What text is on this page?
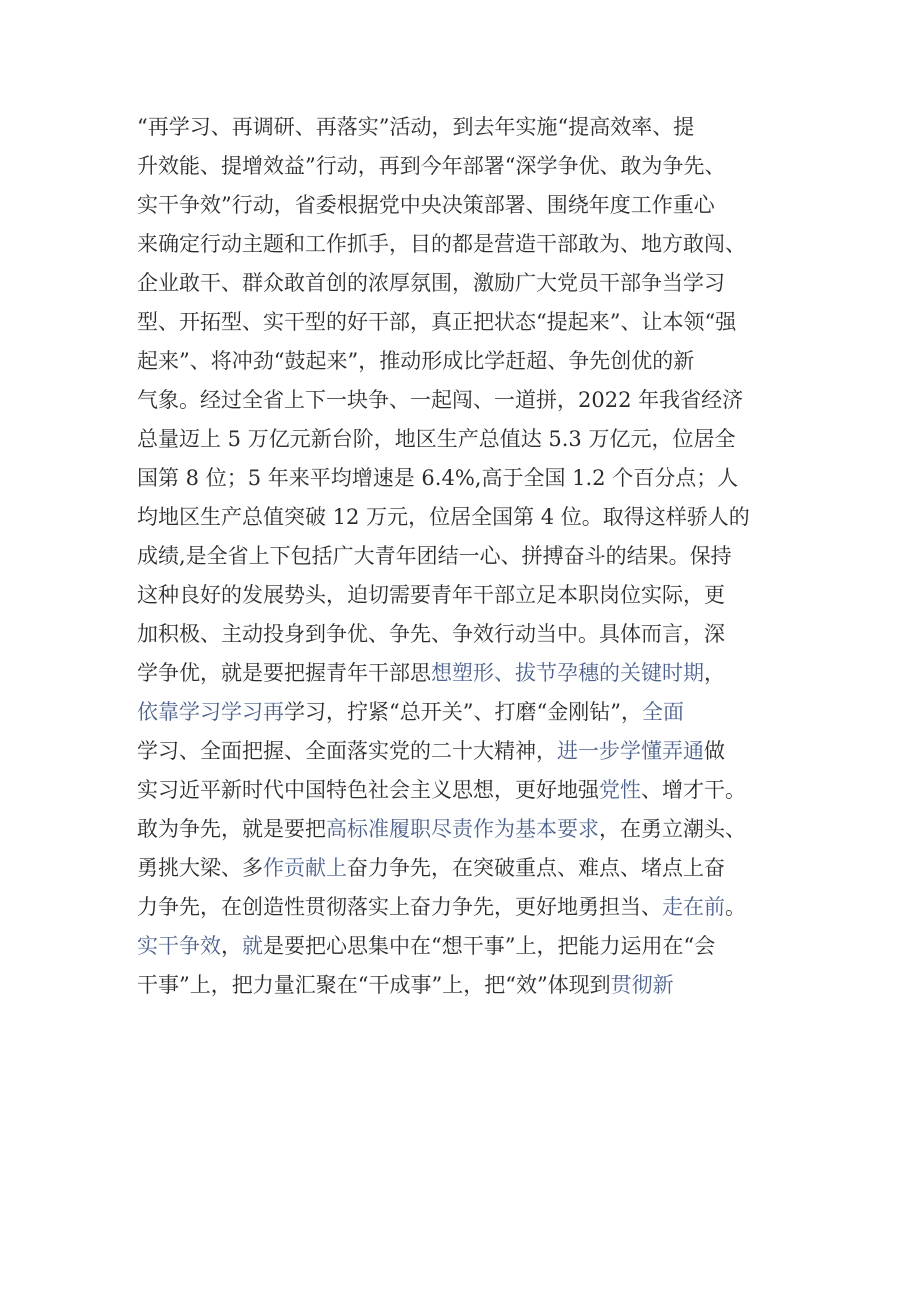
“再学习、再调研、再落实”活动，到去年实施“提高效率、提
升效能、提增效益”行动，再到今年部署“深学争优、敢为争先、
实干争效”行动，省委根据党中央决策部署、围绕年度工作重心
来确定行动主题和工作抓手，目的都是营造干部敢为、地方敢闯、
企业敢干、群众敢首创的浓厚氛围，激励广大党员干部争当学习
型、开拓型、实干型的好干部，真正把状态“提起来”、让本领“强
起来”、将冲劲“鼓起来”，推动形成比学赶超、争先创优的新
气象。经过全省上下一块争、一起闯、一道拼，2022 年我省经济
总量迈上 5 万亿元新台阶，地区生产总值达 5.3 万亿元，位居全
国第 8 位；5 年来平均增速是 6.4%,高于全国 1.2 个百分点；人
均地区生产总值突破 12 万元，位居全国第 4 位。取得这样骄人的
成绩,是全省上下包括广大青年团结一心、拼搏奋斗的结果。保持
这种良好的发展势头，迫切需要青年干部立足本职岗位实际，更
加积极、主动投身到争优、争先、争效行动当中。具体而言，深
学争优，就是要把握青年干部思想塑形、拔节孕穗的关键时期，
依靠学习学习再学习，拧紧“总开关”、打磨“金刚钻”，全面
学习、全面把握、全面落实党的二十大精神，进一步学懂弄通做
实习近平新时代中国特色社会主义思想，更好地强党性、增才干。
敢为争先，就是要把高标准履职尽责作为基本要求，在勇立潮头、
勇挑大梁、多作贡献上奋力争先，在突破重点、难点、堵点上奋
力争先，在创造性贯彻落实上奋力争先，更好地勇担当、走在前。
实干争效，就是要把心思集中在“想干事”上，把能力运用在“会
干事”上，把力量汇聚在“干成事”上，把“效”体现到贯彻新
